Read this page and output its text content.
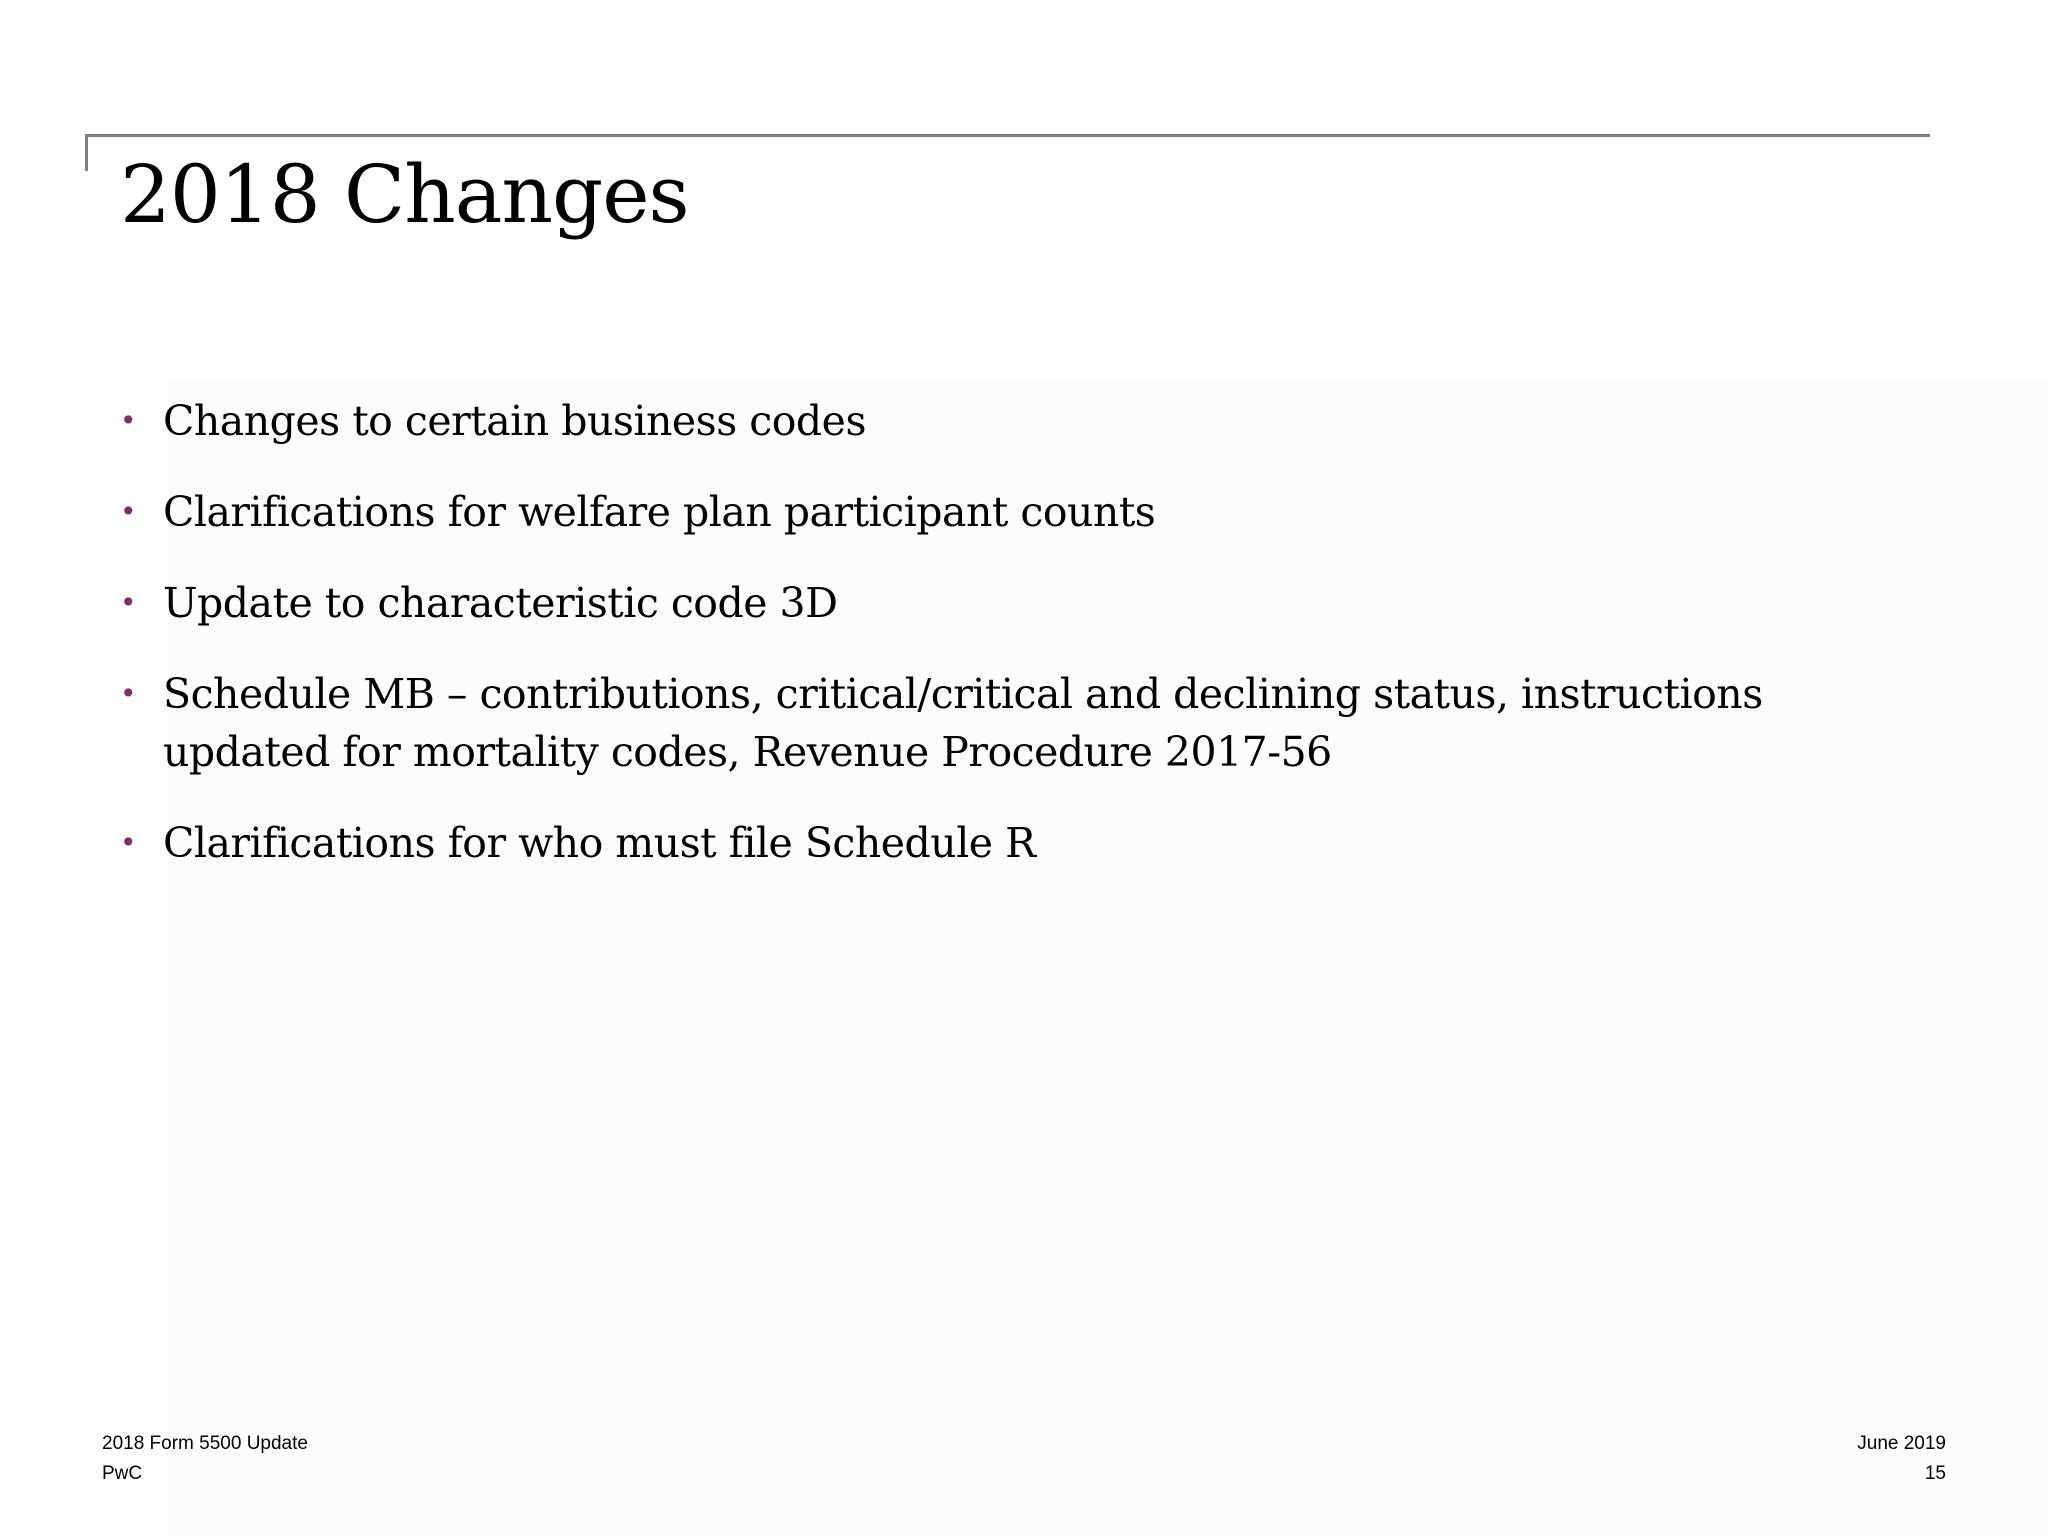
2018 Changes
• Changes to certain business codes
• Clarifications for welfare plan participant counts
• Update to characteristic code 3D
• Schedule MB – contributions, critical/critical and declining status, instructions updated for mortality codes, Revenue Procedure 2017-56
• Clarifications for who must file Schedule R

2018 Form 5500 Update

PwC

June 2019

15
